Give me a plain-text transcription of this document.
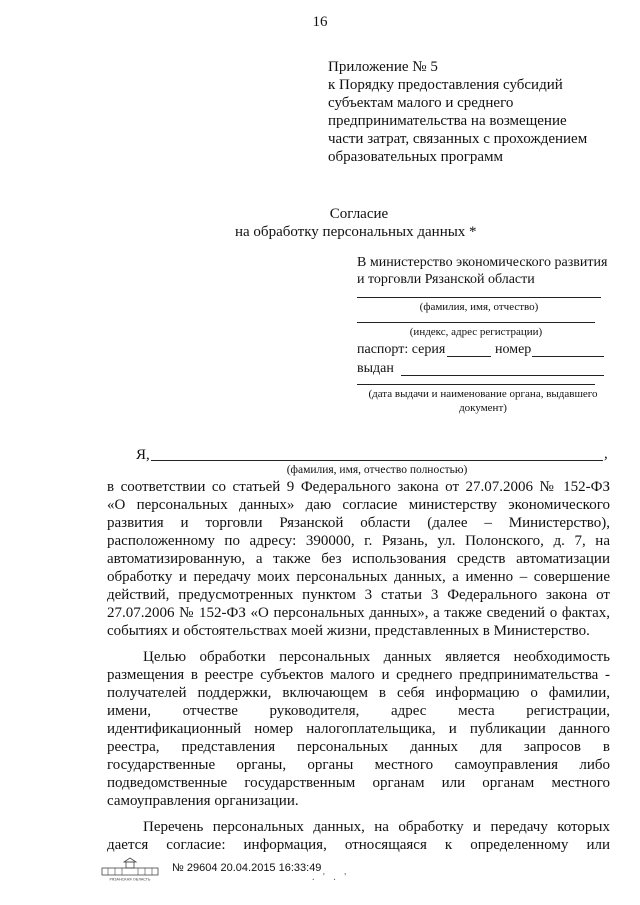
16
Приложение № 5
к Порядку предоставления субсидий
субъектам малого и среднего
предпринимательства на возмещение
части затрат, связанных с прохождением
образовательных программ
Согласие
на обработку персональных данных *
В министерство экономического развития
и торговли Рязанской области
(фамилия, имя, отчество)
(индекс, адрес регистрации)
паспорт: серия	номер
выдан
(дата выдачи и наименование органа, выдавшего
документ)
Я,	,
(фамилия, имя, отчество полностью)

в соответствии со статьей 9 Федерального закона от 27.07.2006 № 152-ФЗ
«О персональных данных» даю согласие министерству экономического
развития и торговли Рязанской области (далее – Министерство),
расположенному по адресу: 390000, г. Рязань, ул. Полонского, д. 7, на
автоматизированную, а также без использования средств автоматизации
обработку и передачу моих персональных данных, а именно – совершение
действий, предусмотренных пунктом 3 статьи 3 Федерального закона от
27.07.2006 № 152-ФЗ «О персональных данных», а также сведений о фактах,
событиях и обстоятельствах моей жизни, представленных в Министерство.

Целью обработки персональных данных является необходимость
размещения в реестре субъектов малого и среднего предпринимательства -
получателей поддержки, включающем в себя информацию о фамилии,
имени, отчестве руководителя, адрес места регистрации,
идентификационный номер налогоплательщика, и публикации данного
реестра, представления персональных данных для запросов в
государственные органы, органы местного самоуправления либо
подведомственные государственным органам или органам местного
самоуправления организации.

Перечень персональных данных, на обработку и передачу которых
дается согласие: информация, относящаяся к определенному или

РЯЗАНСКАЯ ОБЛАСТЬ
№ 29604 20.04.2015 16:33:49
. ' . '
